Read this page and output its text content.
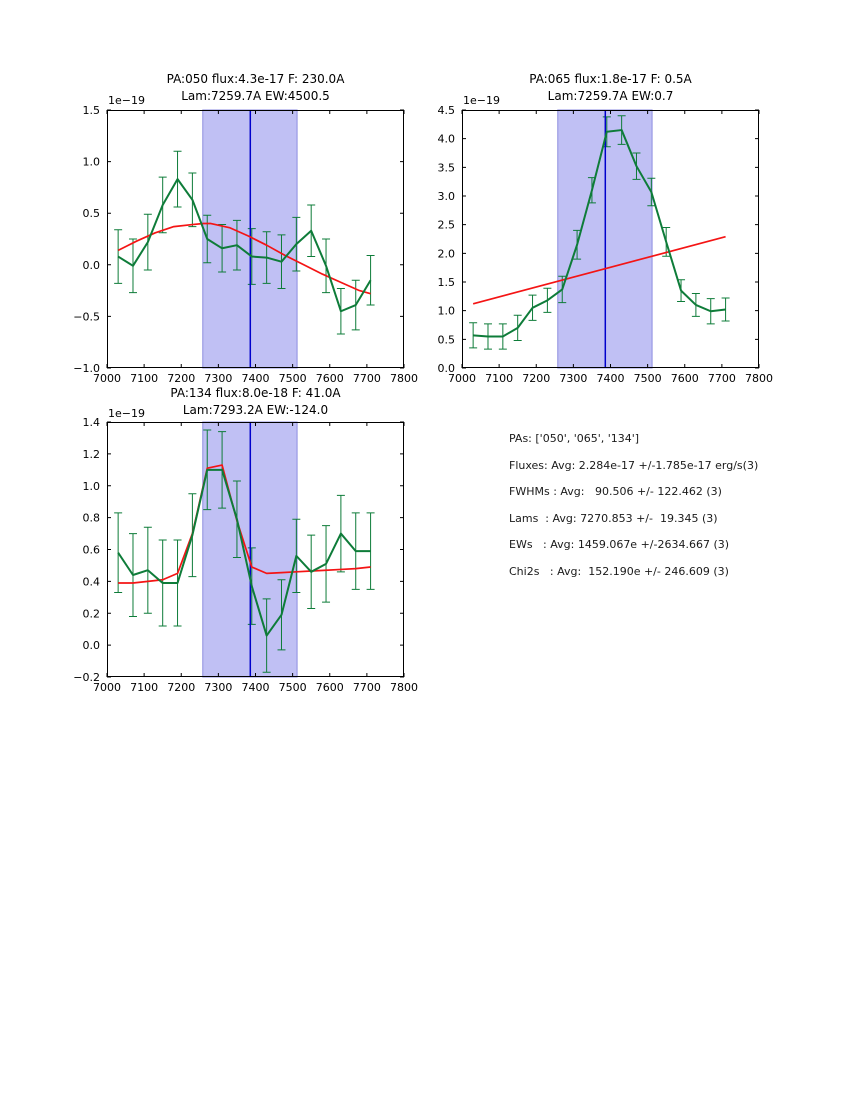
PA:050 flux:4.3e-17 F: 230.0A
Lam:7259.7A EW:4500.5
1e−19
7000 7100 7200 7300 7400 7500 7600 7700 7800
−1.0
−0.5
0.0
0.5
1.0
1.5
PA:065 flux:1.8e-17 F: 0.5A
Lam:7259.7A EW:0.7
1e−19
7000 7100 7200 7300 7400 7500 7600 7700 7800
0.0
0.5
1.0
1.5
2.0
2.5
3.0
3.5
4.0
4.5
PA:134 flux:8.0e-18 F: 41.0A
Lam:7293.2A EW:-124.0
1e−19
7000 7100 7200 7300 7400 7500 7600 7700 7800
−0.2
0.0
0.2
0.4
0.6
0.8
1.0
1.2
1.4
PAs: ['050', '065', '134']
Fluxes: Avg: 2.284e-17 +/-1.785e-17 erg/s(3)
FWHMs : Avg:   90.506 +/- 122.462 (3)
Lams  : Avg: 7270.853 +/-  19.345 (3)
EWs   : Avg: 1459.067e +/-2634.667 (3)
Chi2s   : Avg:  152.190e +/- 246.609 (3)
